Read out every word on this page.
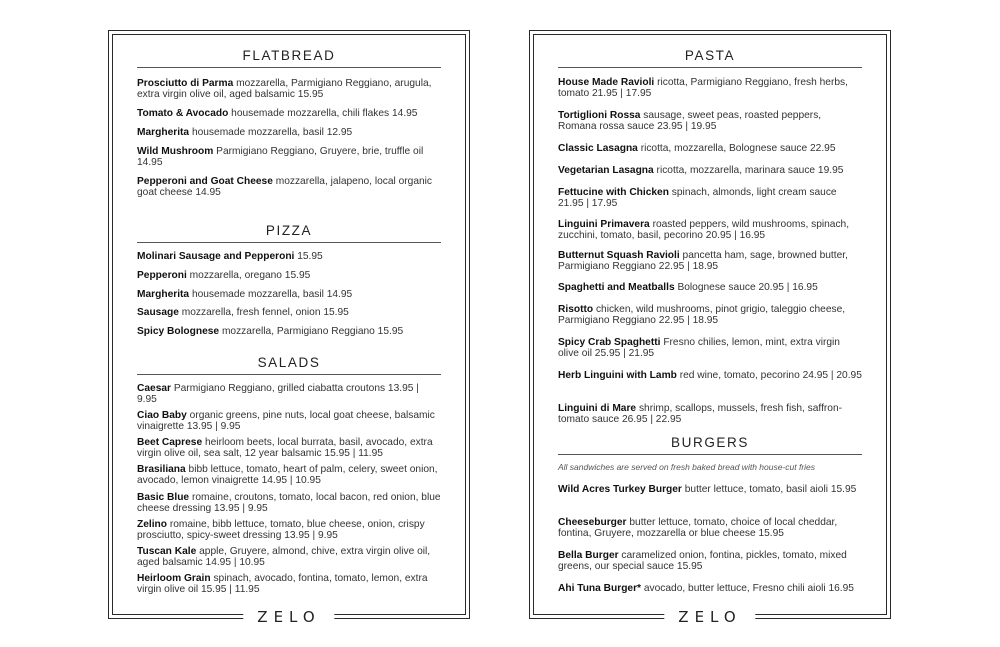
FLATBREAD
Prosciutto di Parma mozzarella, Parmigiano Reggiano, arugula, extra virgin olive oil, aged balsamic 15.95
Tomato & Avocado housemade mozzarella, chili flakes 14.95
Margherita housemade mozzarella, basil 12.95
Wild Mushroom Parmigiano Reggiano, Gruyere, brie, truffle oil 14.95
Pepperoni and Goat Cheese mozzarella, jalapeno, local organic goat cheese 14.95
PIZZA
Molinari Sausage and Pepperoni 15.95
Pepperoni mozzarella, oregano 15.95
Margherita housemade mozzarella, basil 14.95
Sausage mozzarella, fresh fennel, onion 15.95
Spicy Bolognese mozzarella, Parmigiano Reggiano 15.95
SALADS
Caesar Parmigiano Reggiano, grilled ciabatta croutons 13.95 | 9.95
Ciao Baby organic greens, pine nuts, local goat cheese, balsamic vinaigrette 13.95 | 9.95
Beet Caprese heirloom beets, local burrata, basil, avocado, extra virgin olive oil, sea salt, 12 year balsamic 15.95 | 11.95
Brasiliana bibb lettuce, tomato, heart of palm, celery, sweet onion, avocado, lemon vinaigrette 14.95 | 10.95
Basic Blue romaine, croutons, tomato, local bacon, red onion, blue cheese dressing 13.95 | 9.95
Zelino romaine, bibb lettuce, tomato, blue cheese, onion, crispy prosciutto, spicy-sweet dressing 13.95 | 9.95
Tuscan Kale apple, Gruyere, almond, chive, extra virgin olive oil, aged balsamic 14.95 | 10.95
Heirloom Grain spinach, avocado, fontina, tomato, lemon, extra virgin olive oil 15.95 | 11.95
ZELO
PASTA
House Made Ravioli ricotta, Parmigiano Reggiano, fresh herbs, tomato 21.95 | 17.95
Tortiglioni Rossa sausage, sweet peas, roasted peppers, Romana rossa sauce 23.95 | 19.95
Classic Lasagna ricotta, mozzarella, Bolognese sauce 22.95
Vegetarian Lasagna ricotta, mozzarella, marinara sauce 19.95
Fettucine with Chicken spinach, almonds, light cream sauce 21.95 | 17.95
Linguini Primavera roasted peppers, wild mushrooms, spinach, zucchini, tomato, basil, pecorino 20.95 | 16.95
Butternut Squash Ravioli pancetta ham, sage, browned butter, Parmigiano Reggiano 22.95 | 18.95
Spaghetti and Meatballs Bolognese sauce 20.95 | 16.95
Risotto chicken, wild mushrooms, pinot grigio, taleggio cheese, Parmigiano Reggiano 22.95 | 18.95
Spicy Crab Spaghetti Fresno chilies, lemon, mint, extra virgin olive oil 25.95 | 21.95
Herb Linguini with Lamb red wine, tomato, pecorino 24.95 | 20.95
Linguini di Mare shrimp, scallops, mussels, fresh fish, saffron-tomato sauce 26.95 | 22.95
BURGERS
All sandwiches are served on fresh baked bread with house-cut fries
Wild Acres Turkey Burger butter lettuce, tomato, basil aioli 15.95
Cheeseburger butter lettuce, tomato, choice of local cheddar, fontina, Gruyere, mozzarella or blue cheese 15.95
Bella Burger caramelized onion, fontina, pickles, tomato, mixed greens, our special sauce 15.95
Ahi Tuna Burger* avocado, butter lettuce, Fresno chili aioli 16.95
ZELO
